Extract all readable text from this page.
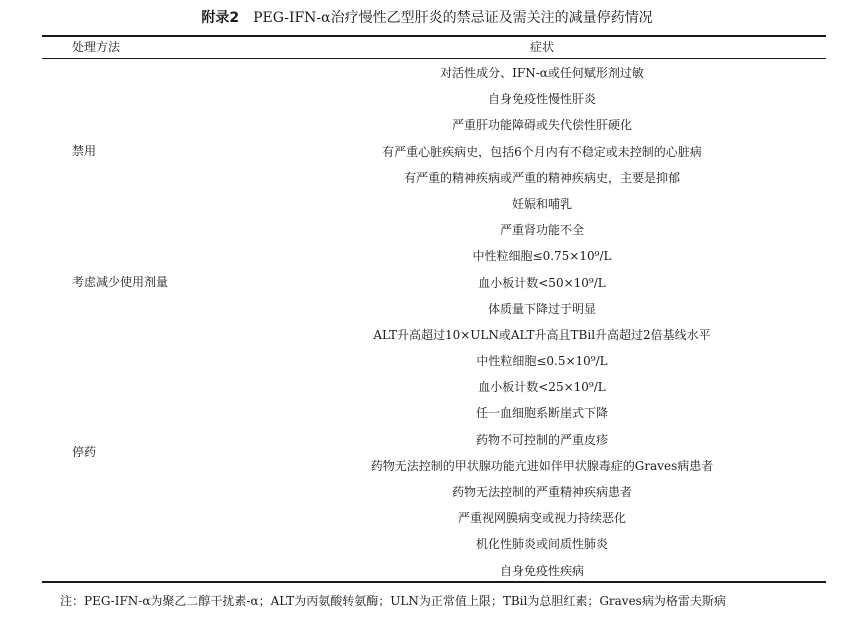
附录2 PEG-IFN-α治疗慢性乙型肝炎的禁忌证及需关注的减量停药情况
处理方法	症状
禁用
考虑减少使用剂量
停药
对活性成分、IFN-α或任何赋形剂过敏
自身免疫性慢性肝炎
严重肝功能障碍或失代偿性肝硬化
有严重心脏疾病史，包括6个月内有不稳定或未控制的心脏病
有严重的精神疾病或严重的精神疾病史，主要是抑郁
妊娠和哺乳
严重肾功能不全
中性粒细胞≤0.75×10⁹/L
血小板计数<50×10⁹/L
体质量下降过于明显
ALT升高超过10×ULN或ALT升高且TBil升高超过2倍基线水平
中性粒细胞≤0.5×10⁹/L
血小板计数<25×10⁹/L
任一血细胞系断崖式下降
药物不可控制的严重皮疹
药物无法控制的甲状腺功能亢进如伴甲状腺毒症的Graves病患者
药物无法控制的严重精神疾病患者
严重视网膜病变或视力持续恶化
机化性肺炎或间质性肺炎
自身免疫性疾病
注：PEG-IFN-α为聚乙二醇干扰素-α；ALT为丙氨酸转氨酶；ULN为正常值上限；TBil为总胆红素；Graves病为格雷夫斯病
